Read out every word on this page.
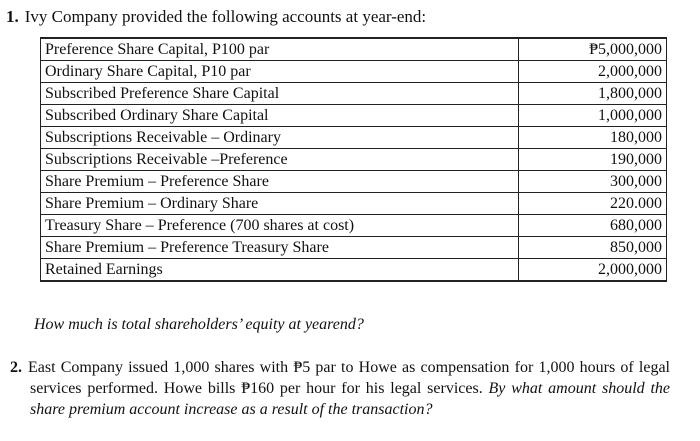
1. Ivy Company provided the following accounts at year-end:
Preference Share Capital, P100 par	₱5,000,000
Ordinary Share Capital, P10 par	2,000,000
Subscribed Preference Share Capital	1,800,000
Subscribed Ordinary Share Capital	1,000,000
Subscriptions Receivable – Ordinary	180,000
Subscriptions Receivable –Preference	190,000
Share Premium – Preference Share	300,000
Share Premium – Ordinary Share	220.000
Treasury Share – Preference (700 shares at cost)	680,000
Share Premium – Preference Treasury Share	850,000
Retained Earnings	2,000,000
How much is total shareholders’ equity at yearend?
2. East Company issued 1,000 shares with ₱5 par to Howe as compensation for 1,000 hours of legal services performed. Howe bills ₱160 per hour for his legal services. By what amount should the share premium account increase as a result of the transaction?
